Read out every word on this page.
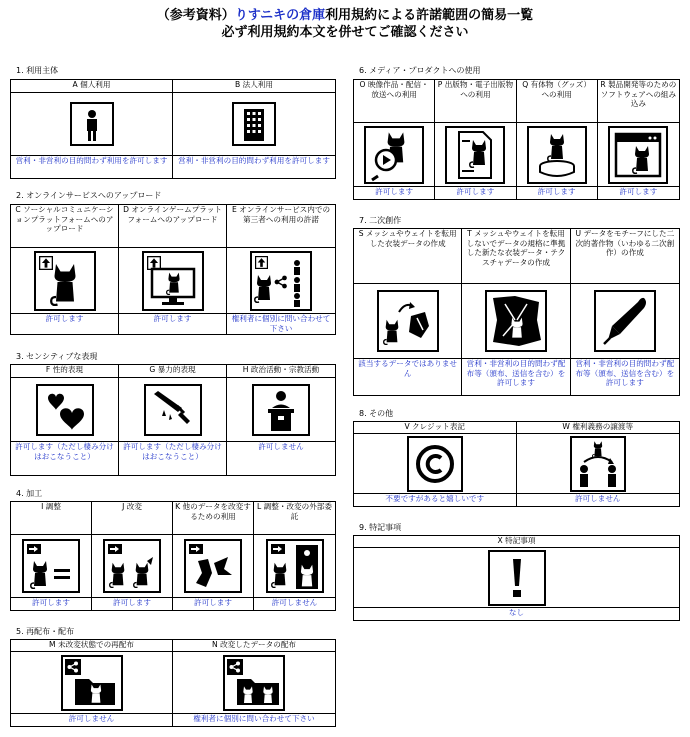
（参考資料）りすニキの倉庫利用規約による許諾範囲の簡易一覧
必ず利用規約本文を併せてご確認ください
1. 利用主体
A 個人利用
営利・非営利の目的問わず利用を許可します
B 法人利用
営利・非営利の目的問わず利用を許可します
2. オンラインサービスへのアップロード
C ソーシャルコミュニケーションプラットフォームへのアップロード
許可します
D オンラインゲームプラットフォームへのアップロード
許可します
E オンラインサービス内での第三者への利用の許諾
権利者に個別に問い合わせて下さい
3. センシティブな表現
F 性的表現
許可します（ただし棲み分けはおこなうこと）
G 暴力的表現
許可します（ただし棲み分けはおこなうこと）
H 政治活動・宗教活動
許可しません
4. 加工
I 調整
許可します
J 改変
許可します
K 他のデータを改変するための利用
許可します
L 調整・改変の外部委託
許可しません
5. 再配布・配布
M 未改変状態での再配布
許可しません
N 改変したデータの配布
権利者に個別に問い合わせて下さい
6. メディア・プロダクトへの使用
O 映像作品・配信・放送への利用
許可します
P 出版物・電子出版物への利用
許可します
Q 有体物（グッズ）への利用
許可します
R 製品開発等のためのソフトウェアへの組み込み
許可します
7. 二次創作
S メッシュやウェイトを転用した衣装データの作成
該当するデータではありません
T メッシュやウェイトを転用しないでデータの規格に準拠した新たな衣装データ・テクスチャデータの作成
営利・非営利の目的問わず配布等（頒布、送信を含む）を許可します
U データをモチーフにした二次的著作物（いわゆる二次創作）の作成
営利・非営利の目的問わず配布等（頒布、送信を含む）を許可します
8. その他
V クレジット表記
不要ですがあると嬉しいです
W 権利義務の譲渡等
許可しません
9. 特記事項
X 特記事項
なし
